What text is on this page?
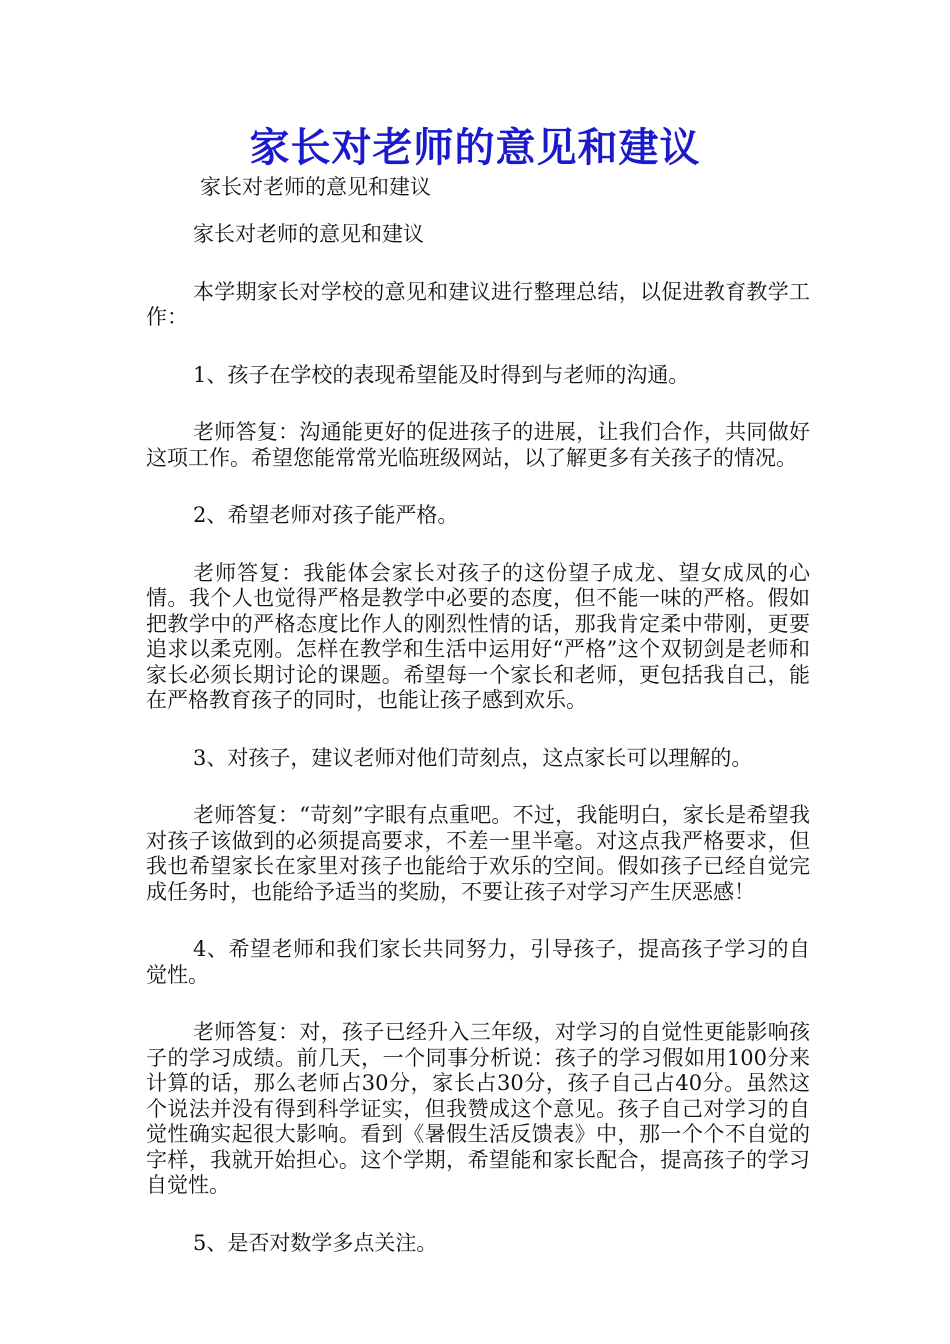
家长对老师的意见和建议

家长对老师的意见和建议

家长对老师的意见和建议

本学期家长对学校的意见和建议进行整理总结，以促进教育教学工作：

1、孩子在学校的表现希望能及时得到与老师的沟通。

老师答复：沟通能更好的促进孩子的进展，让我们合作，共同做好这项工作。希望您能常常光临班级网站，以了解更多有关孩子的情况。

2、希望老师对孩子能严格。

老师答复：我能体会家长对孩子的这份望子成龙、望女成凤的心情。我个人也觉得严格是教学中必要的态度，但不能一味的严格。假如把教学中的严格态度比作人的刚烈性情的话，那我肯定柔中带刚，更要追求以柔克刚。怎样在教学和生活中运用好“严格”这个双韧剑是老师和家长必须长期讨论的课题。希望每一个家长和老师，更包括我自己，能在严格教育孩子的同时，也能让孩子感到欢乐。

3、对孩子，建议老师对他们苛刻点，这点家长可以理解的。

老师答复：“苛刻”字眼有点重吧。不过，我能明白，家长是希望我对孩子该做到的必须提高要求，不差一里半毫。对这点我严格要求，但我也希望家长在家里对孩子也能给于欢乐的空间。假如孩子已经自觉完成任务时，也能给予适当的奖励，不要让孩子对学习产生厌恶感！

4、希望老师和我们家长共同努力，引导孩子，提高孩子学习的自觉性。

老师答复：对，孩子已经升入三年级，对学习的自觉性更能影响孩子的学习成绩。前几天，一个同事分析说：孩子的学习假如用100分来计算的话，那么老师占30分，家长占30分，孩子自己占40分。虽然这个说法并没有得到科学证实，但我赞成这个意见。孩子自己对学习的自觉性确实起很大影响。看到《暑假生活反馈表》中，那一个个不自觉的字样，我就开始担心。这个学期，希望能和家长配合，提高孩子的学习自觉性。

5、是否对数学多点关注。
